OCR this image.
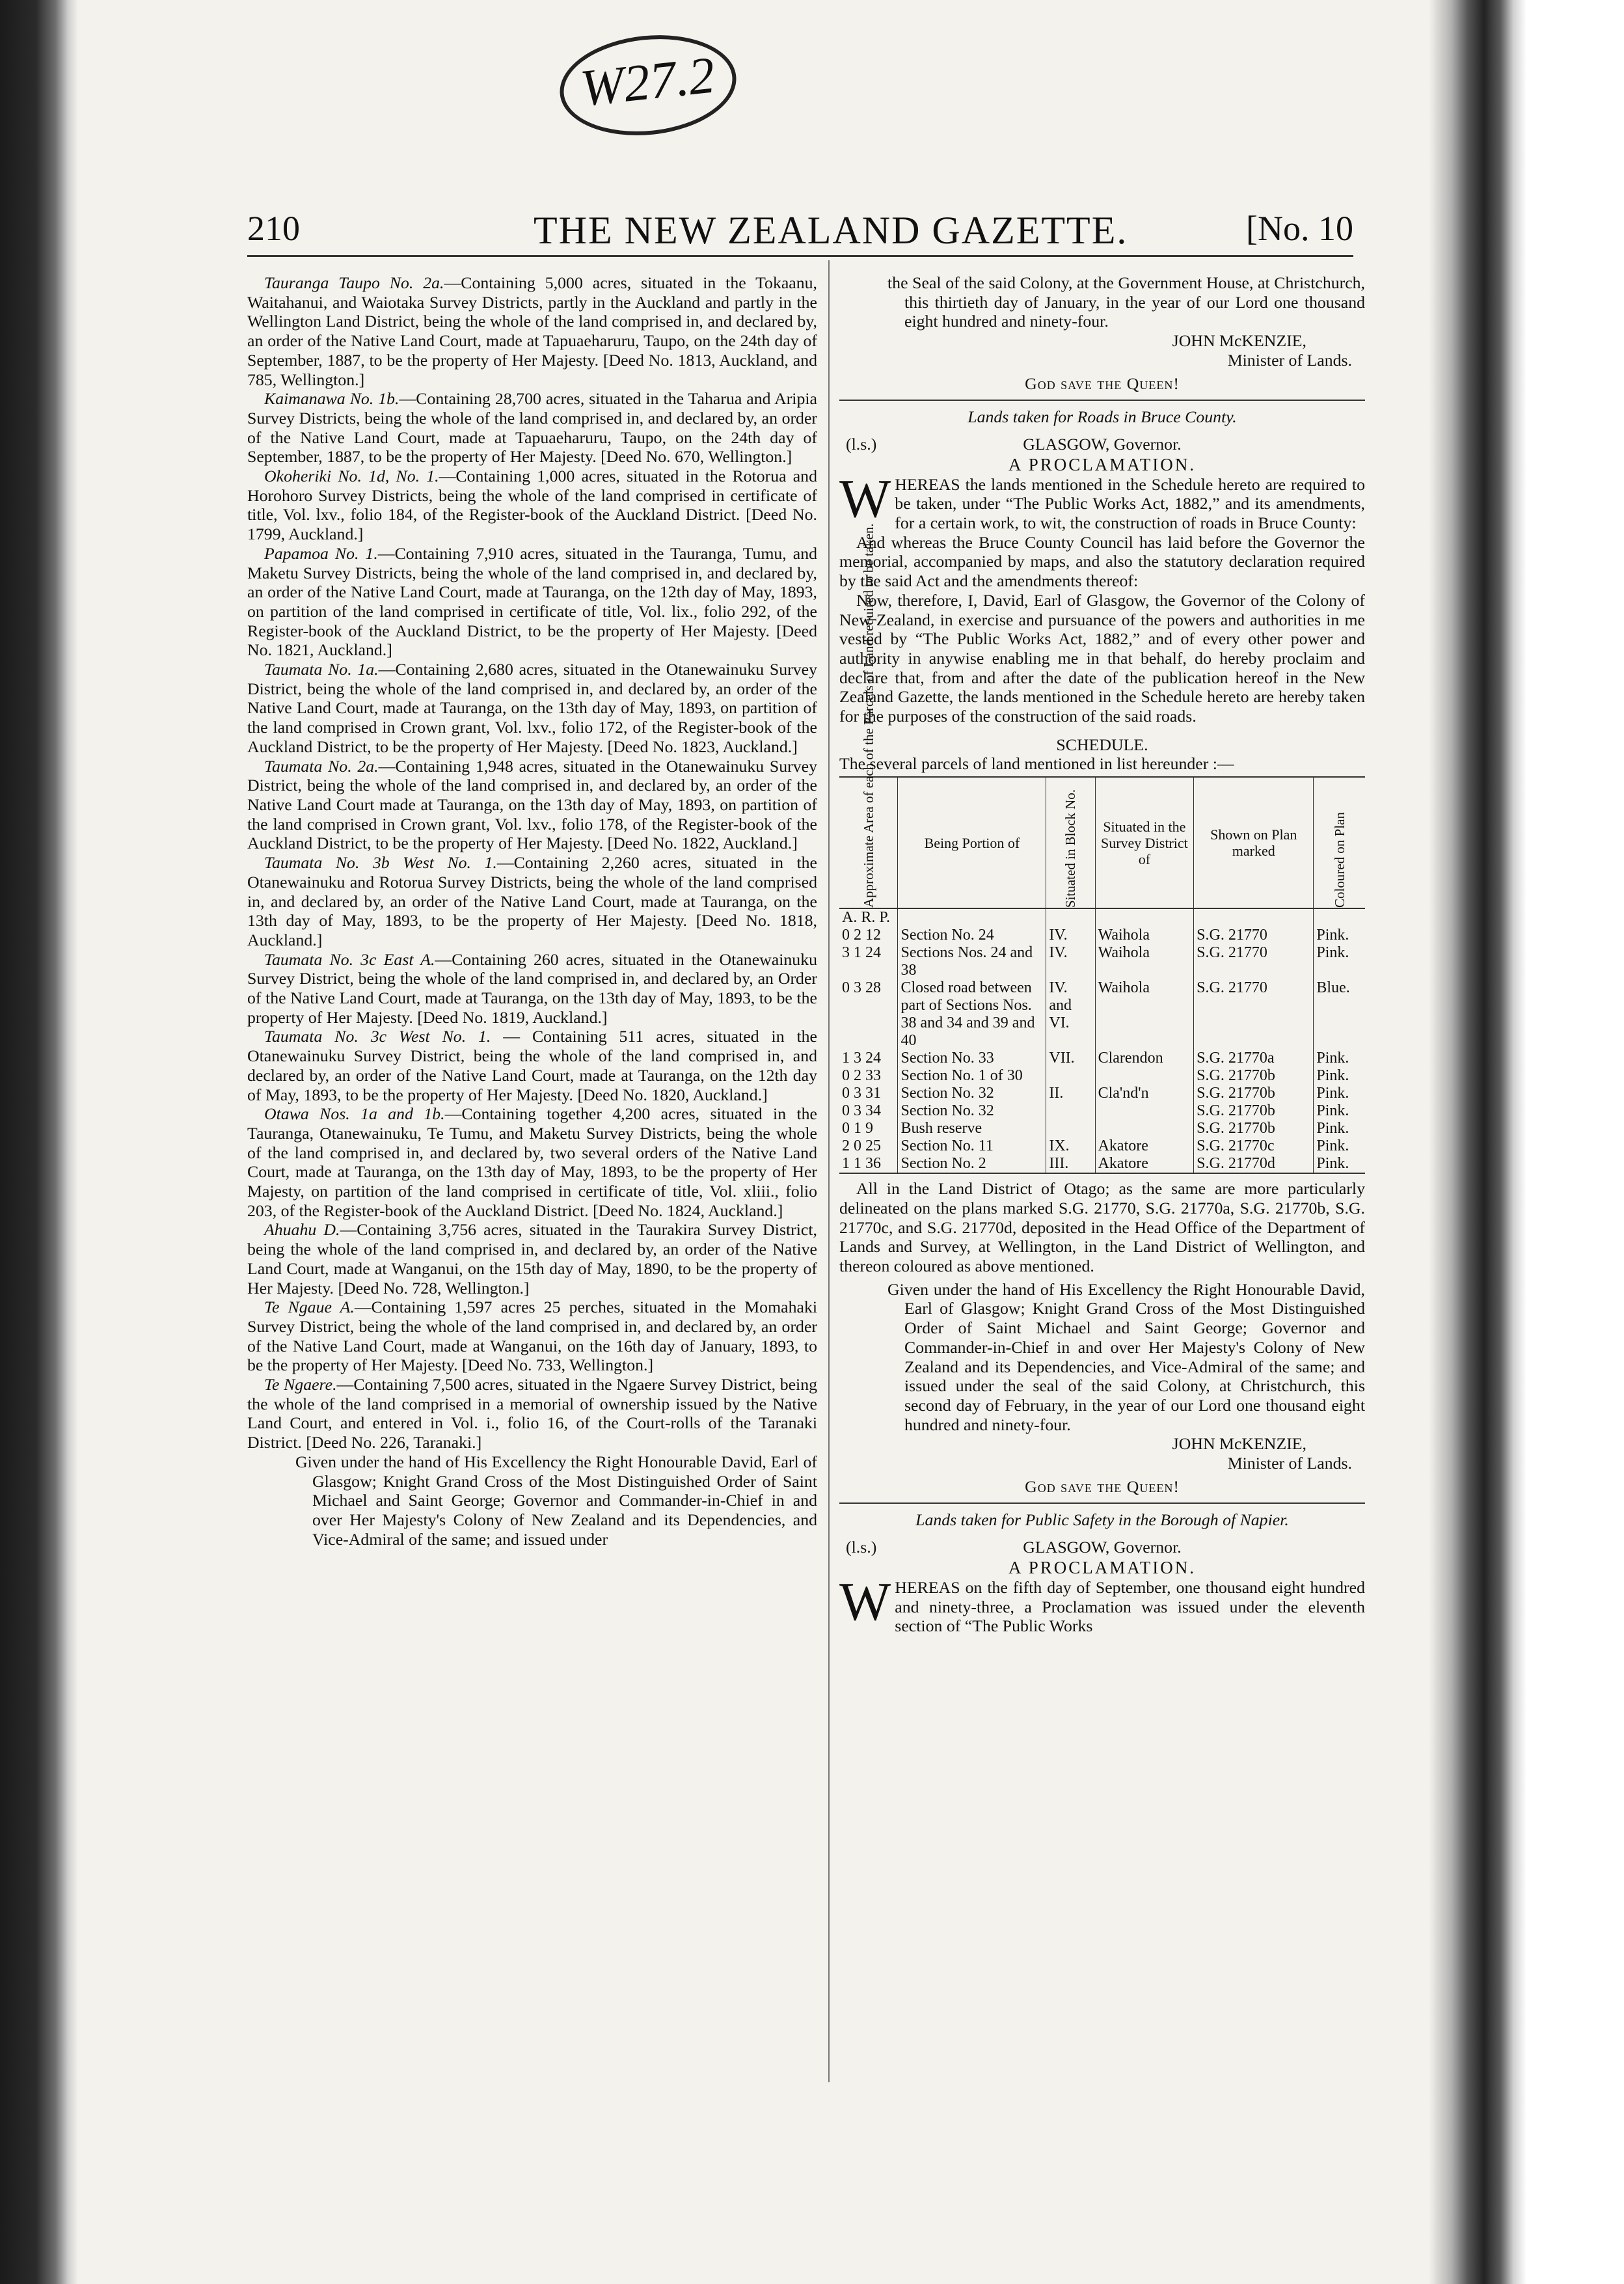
W27.2
210	THE NEW ZEALAND GAZETTE.	[No. 10

Tauranga Taupo No. 2a.—Containing 5,000 acres, situated in the Tokaanu, Waitahanui, and Waiotaka Survey Districts, partly in the Auckland and partly in the Wellington Land District, being the whole of the land comprised in, and declared by, an order of the Native Land Court, made at Tapuaeharuru, Taupo, on the 24th day of September, 1887, to be the property of Her Majesty. [Deed No. 1813, Auckland, and 785, Wellington.]

Kaimanawa No. 1b.—Containing 28,700 acres, situated in the Taharua and Aripia Survey Districts, being the whole of the land comprised in, and declared by, an order of the Native Land Court, made at Tapuaeharuru, Taupo, on the 24th day of September, 1887, to be the property of Her Majesty. [Deed No. 670, Wellington.]

Okoheriki No. 1d, No. 1.—Containing 1,000 acres, situated in the Rotorua and Horohoro Survey Districts, being the whole of the land comprised in certificate of title, Vol. lxv., folio 184, of the Register-book of the Auckland District. [Deed No. 1799, Auckland.]

Papamoa No. 1.—Containing 7,910 acres, situated in the Tauranga, Tumu, and Maketu Survey Districts, being the whole of the land comprised in, and declared by, an order of the Native Land Court, made at Tauranga, on the 12th day of May, 1893, on partition of the land comprised in certificate of title, Vol. lix., folio 292, of the Register-book of the Auckland District, to be the property of Her Majesty. [Deed No. 1821, Auckland.]

Taumata No. 1a.—Containing 2,680 acres, situated in the Otanewainuku Survey District, being the whole of the land comprised in, and declared by, an order of the Native Land Court, made at Tauranga, on the 13th day of May, 1893, on partition of the land comprised in Crown grant, Vol. lxv., folio 172, of the Register-book of the Auckland District, to be the property of Her Majesty. [Deed No. 1823, Auckland.]

Taumata No. 2a.—Containing 1,948 acres, situated in the Otanewainuku Survey District, being the whole of the land comprised in, and declared by, an order of the Native Land Court made at Tauranga, on the 13th day of May, 1893, on partition of the land comprised in Crown grant, Vol. lxv., folio 178, of the Register-book of the Auckland District, to be the property of Her Majesty. [Deed No. 1822, Auckland.]

Taumata No. 3b West No. 1.—Containing 2,260 acres, situated in the Otanewainuku and Rotorua Survey Districts, being the whole of the land comprised in, and declared by, an order of the Native Land Court, made at Tauranga, on the 13th day of May, 1893, to be the property of Her Majesty. [Deed No. 1818, Auckland.]

Taumata No. 3c East A.—Containing 260 acres, situated in the Otanewainuku Survey District, being the whole of the land comprised in, and declared by, an Order of the Native Land Court, made at Tauranga, on the 13th day of May, 1893, to be the property of Her Majesty. [Deed No. 1819, Auckland.]

Taumata No. 3c West No. 1. — Containing 511 acres, situated in the Otanewainuku Survey District, being the whole of the land comprised in, and declared by, an order of the Native Land Court, made at Tauranga, on the 12th day of May, 1893, to be the property of Her Majesty. [Deed No. 1820, Auckland.]

Otawa Nos. 1a and 1b.—Containing together 4,200 acres, situated in the Tauranga, Otanewainuku, Te Tumu, and Maketu Survey Districts, being the whole of the land comprised in, and declared by, two several orders of the Native Land Court, made at Tauranga, on the 13th day of May, 1893, to be the property of Her Majesty, on partition of the land comprised in certificate of title, Vol. xliii., folio 203, of the Register-book of the Auckland District. [Deed No. 1824, Auckland.]

Ahuahu D.—Containing 3,756 acres, situated in the Taurakira Survey District, being the whole of the land comprised in, and declared by, an order of the Native Land Court, made at Wanganui, on the 15th day of May, 1890, to be the property of Her Majesty. [Deed No. 728, Wellington.]

Te Ngaue A.—Containing 1,597 acres 25 perches, situated in the Momahaki Survey District, being the whole of the land comprised in, and declared by, an order of the Native Land Court, made at Wanganui, on the 16th day of January, 1893, to be the property of Her Majesty. [Deed No. 733, Wellington.]

Te Ngaere.—Containing 7,500 acres, situated in the Ngaere Survey District, being the whole of the land comprised in a memorial of ownership issued by the Native Land Court, and entered in Vol. i., folio 16, of the Court-rolls of the Taranaki District. [Deed No. 226, Taranaki.]

Given under the hand of His Excellency the Right Honourable David, Earl of Glasgow; Knight Grand Cross of the Most Distinguished Order of Saint Michael and Saint George; Governor and Commander-in-Chief in and over Her Majesty's Colony of New Zealand and its Dependencies, and Vice-Admiral of the same; and issued under

the Seal of the said Colony, at the Government House, at Christchurch, this thirtieth day of January, in the year of our Lord one thousand eight hundred and ninety-four.

JOHN McKENZIE,

Minister of Lands.

God save the Queen!

Lands taken for Roads in Bruce County.

(l.s.)	GLASGOW, Governor.

A PROCLAMATION.

WHEREAS the lands mentioned in the Schedule hereto are required to be taken, under “The Public Works Act, 1882,” and its amendments, for a certain work, to wit, the construction of roads in Bruce County:

And whereas the Bruce County Council has laid before the Governor the memorial, accompanied by maps, and also the statutory declaration required by the said Act and the amendments thereof:

Now, therefore, I, David, Earl of Glasgow, the Governor of the Colony of New Zealand, in exercise and pursuance of the powers and authorities in me vested by “The Public Works Act, 1882,” and of every other power and authority in anywise enabling me in that behalf, do hereby proclaim and declare that, from and after the date of the publication hereof in the New Zealand Gazette, the lands mentioned in the Schedule hereto are hereby taken for the purposes of the construction of the said roads.

SCHEDULE.

The several parcels of land mentioned in list hereunder :—

Approximate Area of each of the Parcels of Land required to be taken.	Being Portion of	Situated in Block No.	Situated in the Survey District of	Shown on Plan marked	Coloured on Plan

A. R. P.					
0 2 12	Section No. 24	IV.	Waihola	S.G. 21770	Pink.
3 1 24	Sections Nos. 24 and 38	IV.	Waihola	S.G. 21770	Pink.
0 3 28	Closed road between part of Sections Nos. 38 and 34 and 39 and 40	IV. and VI.	Waihola	S.G. 21770	Blue.
1 3 24	Section No. 33	VII.	Clarendon	S.G. 21770a	Pink.
0 2 33	Section No. 1 of 30			S.G. 21770b	Pink.
0 3 31	Section No. 32	II.	Cla'nd'n	S.G. 21770b	Pink.
0 3 34	Section No. 32			S.G. 21770b	Pink.
0 1 9	Bush reserve			S.G. 21770b	Pink.
2 0 25	Section No. 11	IX.	Akatore	S.G. 21770c	Pink.
1 1 36	Section No. 2	III.	Akatore	S.G. 21770d	Pink.

All in the Land District of Otago; as the same are more particularly delineated on the plans marked S.G. 21770, S.G. 21770a, S.G. 21770b, S.G. 21770c, and S.G. 21770d, deposited in the Head Office of the Department of Lands and Survey, at Wellington, in the Land District of Wellington, and thereon coloured as above mentioned.

Given under the hand of His Excellency the Right Honourable David, Earl of Glasgow; Knight Grand Cross of the Most Distinguished Order of Saint Michael and Saint George; Governor and Commander-in-Chief in and over Her Majesty's Colony of New Zealand and its Dependencies, and Vice-Admiral of the same; and issued under the seal of the said Colony, at Christchurch, this second day of February, in the year of our Lord one thousand eight hundred and ninety-four.

JOHN McKENZIE,

Minister of Lands.

God save the Queen!

Lands taken for Public Safety in the Borough of Napier.

(l.s.)	GLASGOW, Governor.

A PROCLAMATION.

WHEREAS on the fifth day of September, one thousand eight hundred and ninety-three, a Proclamation was issued under the eleventh section of “The Public Works
